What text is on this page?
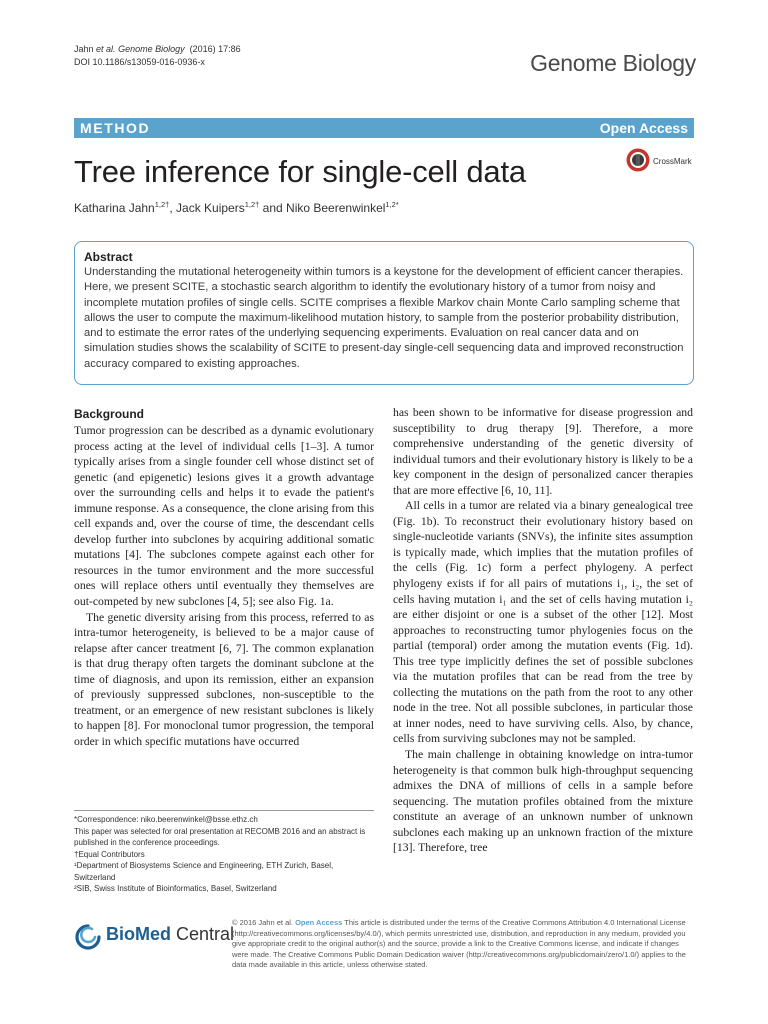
Jahn et al. Genome Biology (2016) 17:86
DOI 10.1186/s13059-016-0936-x	Genome Biology
METHOD	Open Access
Tree inference for single-cell data	CrossMark
Katharina Jahn$^{1,2\dagger}$, Jack Kuipers$^{1,2\dagger}$ and Niko Beerenwinkel$^{1,2*}$
Abstract

Understanding the mutational heterogeneity within tumors is a keystone for the development of efficient cancer therapies. Here, we present SCITE, a stochastic search algorithm to identify the evolutionary history of a tumor from noisy and incomplete mutation profiles of single cells. SCITE comprises a flexible Markov chain Monte Carlo sampling scheme that allows the user to compute the maximum-likelihood mutation history, to sample from the posterior probability distribution, and to estimate the error rates of the underlying sequencing experiments. Evaluation on real cancer data and on simulation studies shows the scalability of SCITE to present-day single-cell sequencing data and improved reconstruction accuracy compared to existing approaches.

Background

Tumor progression can be described as a dynamic evolutionary process acting at the level of individual cells [1–3]. A tumor typically arises from a single founder cell whose distinct set of genetic (and epigenetic) lesions gives it a growth advantage over the surrounding cells and helps it to evade the patient's immune response. As a consequence, the clone arising from this cell expands and, over the course of time, the descendant cells develop further into subclones by acquiring additional somatic mutations [4]. The subclones compete against each other for resources in the tumor environment and the more successful ones will replace others until eventually they themselves are out-competed by new subclones [4, 5]; see also Fig. 1a.

The genetic diversity arising from this process, referred to as intra-tumor heterogeneity, is believed to be a major cause of relapse after cancer treatment [6, 7]. The common explanation is that drug therapy often targets the dominant subclone at the time of diagnosis, and upon its remission, either an expansion of previously suppressed subclones, non-susceptible to the treatment, or an emergence of new resistant subclones is likely to happen [8]. For monoclonal tumor progression, the temporal order in which specific mutations have occurred

has been shown to be informative for disease progression and susceptibility to drug therapy [9]. Therefore, a more comprehensive understanding of the genetic diversity of individual tumors and their evolutionary history is likely to be a key component in the design of personalized cancer therapies that are more effective [6, 10, 11].

All cells in a tumor are related via a binary genealogical tree (Fig. 1b). To reconstruct their evolutionary history based on single-nucleotide variants (SNVs), the infinite sites assumption is typically made, which implies that the mutation profiles of the cells (Fig. 1c) form a perfect phylogeny. A perfect phylogeny exists if for all pairs of mutations i₁, i₂, the set of cells having mutation i₁ and the set of cells having mutation i₂ are either disjoint or one is a subset of the other [12]. Most approaches to reconstructing tumor phylogenies focus on the partial (temporal) order among the mutation events (Fig. 1d). This tree type implicitly defines the set of possible subclones via the mutation profiles that can be read from the tree by collecting the mutations on the path from the root to any other node in the tree. Not all possible subclones, in particular those at inner nodes, need to have surviving cells. Also, by chance, cells from surviving subclones may not be sampled.

The main challenge in obtaining knowledge on intra-tumor heterogeneity is that common bulk high-throughput sequencing admixes the DNA of millions of cells in a sample before sequencing. The mutation profiles obtained from the mixture constitute an average of an unknown number of unknown subclones each making up an unknown fraction of the mixture [13]. Therefore, tree

*Correspondence: niko.beerenwinkel@bsse.ethz.ch
This paper was selected for oral presentation at RECOMB 2016 and an abstract is published in the conference proceedings.
†Equal Contributors
¹Department of Biosystems Science and Engineering, ETH Zurich, Basel, Switzerland
²SIB, Swiss Institute of Bioinformatics, Basel, Switzerland
BioMed Central
© 2016 Jahn et al. Open Access This article is distributed under the terms of the Creative Commons Attribution 4.0 International License (http://creativecommons.org/licenses/by/4.0/), which permits unrestricted use, distribution, and reproduction in any medium, provided you give appropriate credit to the original author(s) and the source, provide a link to the Creative Commons license, and indicate if changes were made. The Creative Commons Public Domain Dedication waiver (http://creativecommons.org/publicdomain/zero/1.0/) applies to the data made available in this article, unless otherwise stated.
